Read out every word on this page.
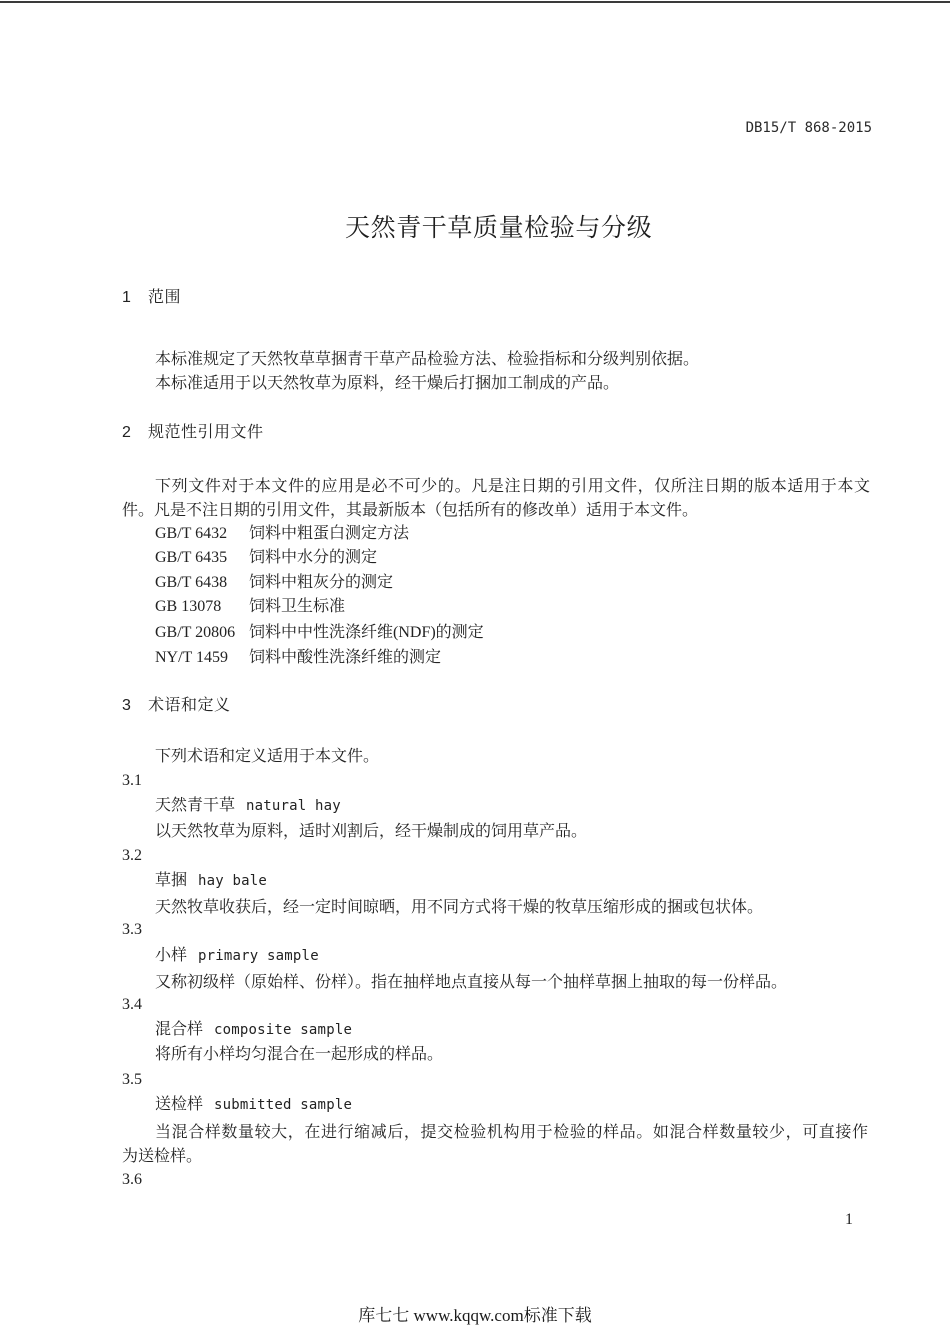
DB15/T 868-2015
天然青干草质量检验与分级
1 范围
本标准规定了天然牧草草捆青干草产品检验方法、检验指标和分级判别依据。
本标准适用于以天然牧草为原料，经干燥后打捆加工制成的产品。
2 规范性引用文件
下列文件对于本文件的应用是必不可少的。凡是注日期的引用文件，仅所注日期的版本适用于本文
件。凡是不注日期的引用文件，其最新版本（包括所有的修改单）适用于本文件。
GB/T 6432 饲料中粗蛋白测定方法
GB/T 6435 饲料中水分的测定
GB/T 6438 饲料中粗灰分的测定
GB 13078 饲料卫生标准
GB/T 20806 饲料中中性洗涤纤维(NDF)的测定
NY/T 1459 饲料中酸性洗涤纤维的测定
3 术语和定义
下列术语和定义适用于本文件。
3.1
天然青干草 natural hay
以天然牧草为原料，适时刈割后，经干燥制成的饲用草产品。
3.2
草捆 hay bale
天然牧草收获后，经一定时间晾晒，用不同方式将干燥的牧草压缩形成的捆或包状体。
3.3
小样 primary sample
又称初级样（原始样、份样）。指在抽样地点直接从每一个抽样草捆上抽取的每一份样品。
3.4
混合样 composite sample
将所有小样均匀混合在一起形成的样品。
3.5
送检样 submitted sample
当混合样数量较大，在进行缩减后，提交检验机构用于检验的样品。如混合样数量较少，可直接作
为送检样。
3.6
1
库七七 www.kqqw.com标准下载
